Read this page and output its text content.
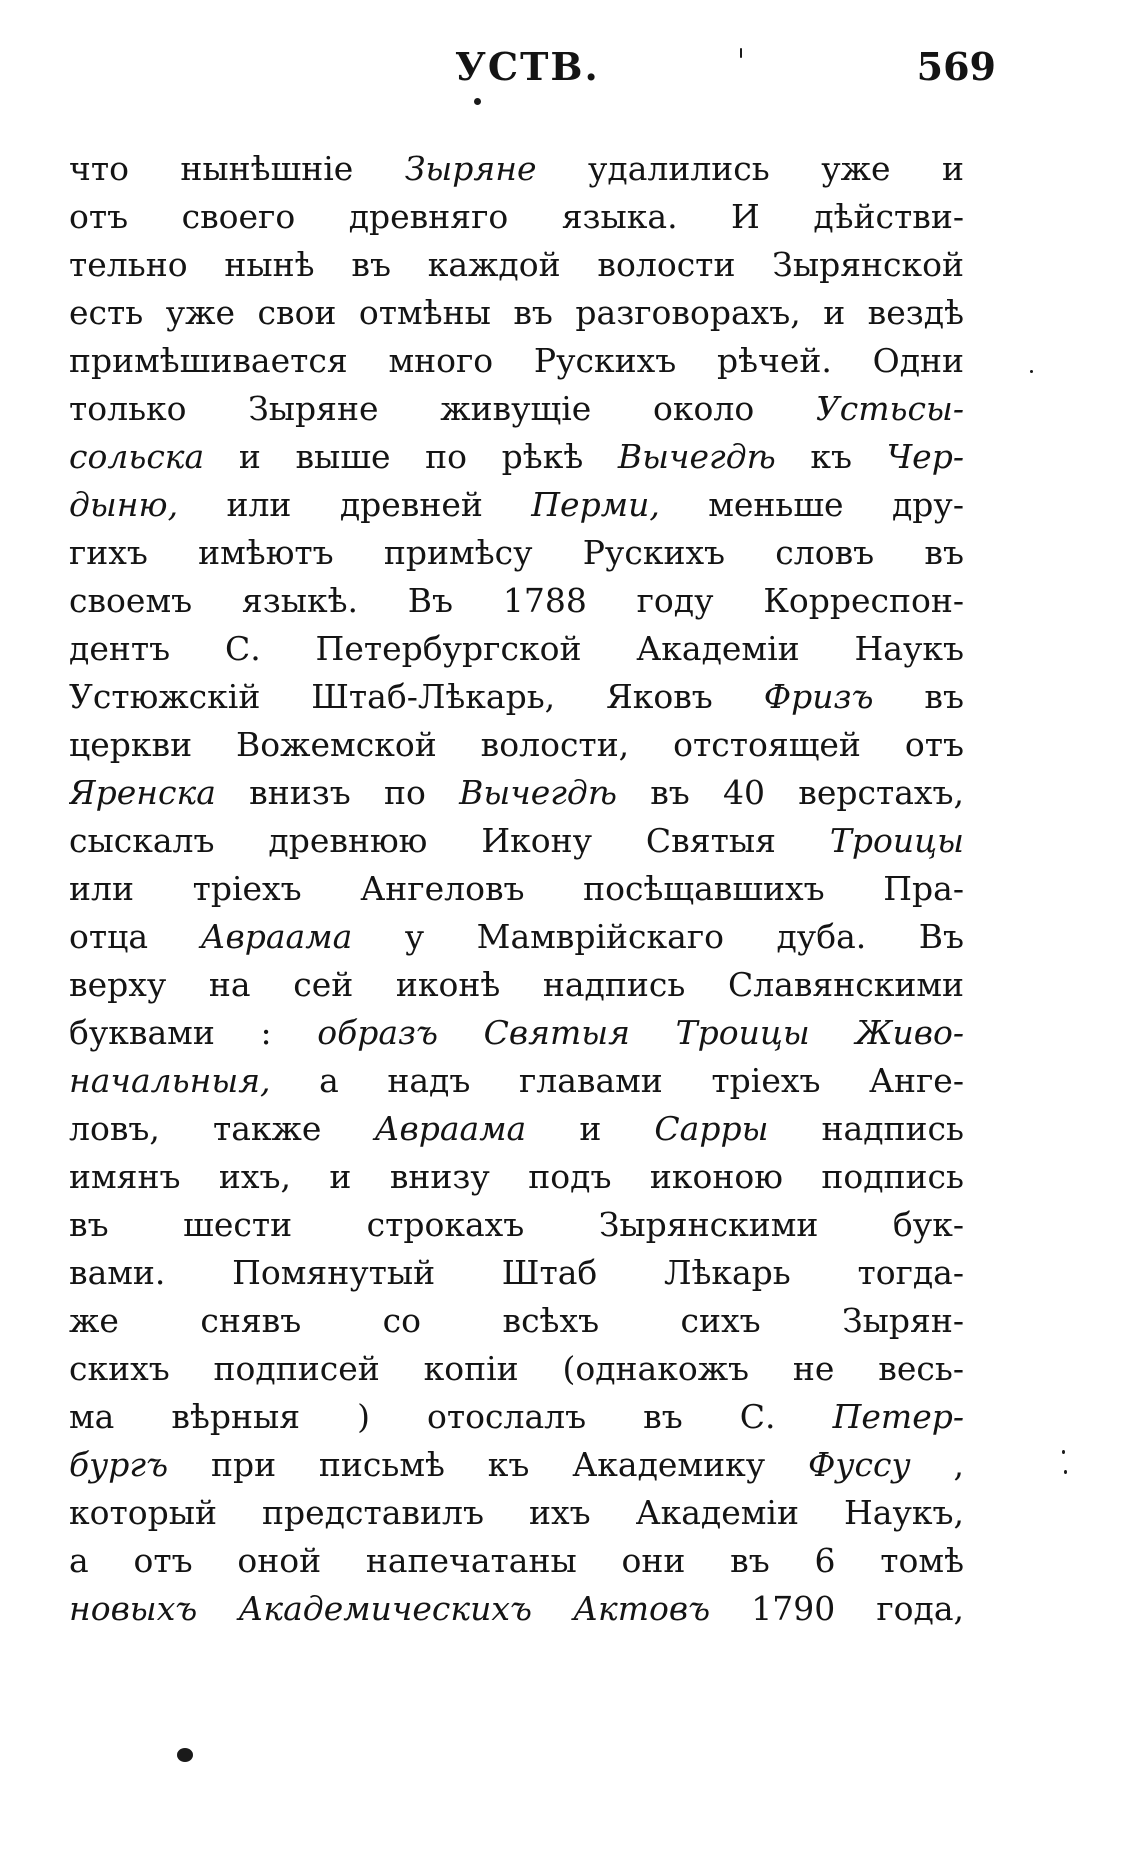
УСТВ.	569
что нынѣшніе Зыряне удалились уже и
отъ своего древняго языка. И дѣйстви-
тельно нынѣ въ каждой волости Зырянской
есть уже свои отмѣны въ разговорахъ, и вездѣ
примѣшивается много Рускихъ рѣчей. Одни
только Зыряне живущіе около Устьсы-
сольска и выше по рѣкѣ Вычегдѣ къ Чер-
дыню, или древней Перми, меньше дру-
гихъ имѣютъ примѣсу Рускихъ словъ въ
своемъ языкѣ. Въ 1788 году Корреспон-
дентъ С. Петербургской Академіи Наукъ
Устюжскій Штаб-Лѣкарь, Яковъ Фризъ въ
церкви Вожемской волости, отстоящей отъ
Яренска внизъ по Вычегдѣ въ 40 верстахъ,
сыскалъ древнюю Икону Святыя Троицы
или тріехъ Ангеловъ посѣщавшихъ Пра-
отца Авраама у Мамврійскаго дуба. Въ
верху на сей иконѣ надпись Славянскими
буквами : образъ Святыя Троицы Живо-
начальныя, а надъ главами тріехъ Анге-
ловъ, также Авраама и Сарры надпись
имянъ ихъ, и внизу подъ иконою подпись
въ шести строкахъ Зырянскими бук-
вами. Помянутый Штаб Лѣкарь тогда-
же снявъ со всѣхъ сихъ Зырян-
скихъ подписей копіи (однакожъ не весь-
ма вѣрныя ) отослалъ въ С. Петер-
бургъ при письмѣ къ Академику Фуссу ,
который представилъ ихъ Академіи Наукъ,
а отъ оной напечатаны они въ 6 томѣ
новыхъ Академическихъ Актовъ 1790 года,
